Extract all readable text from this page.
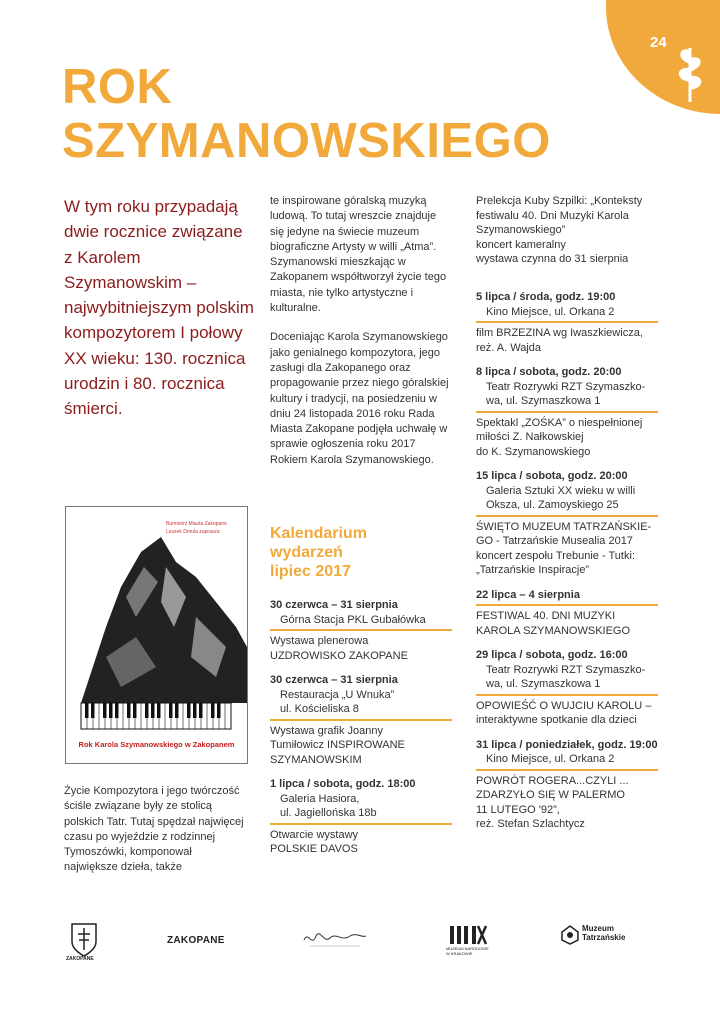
24
ROK
SZYMANOWSKIEGO
W tym roku przypadają dwie rocznice związane z Karolem Szymanowskim – najwybitniejszym polskim kompozytorem I połowy XX wieku: 130. rocznica urodzin i 80. rocznica śmierci.
Burmistrz Miasta Zakopane
Leszek Dorula zaprasza
Rok Karola Szymanowskiego w Zakopanem
Życie Kompozytora i jego twórczość ściśle związane były ze stolicą polskich Tatr. Tutaj spędzał najwięcej czasu po wyjeździe z rodzinnej Tymoszówki, komponował największe dzieła, także

te inspirowane góralską muzyką ludową. To tutaj wreszcie znajduje się jedyne na świecie muzeum biograficzne Artysty w willi „Atma”. Szymanowski mieszkając w Zakopanem współtworzył życie tego miasta, nie tylko artystyczne i kulturalne.

Doceniając Karola Szymanowskiego jako genialnego kompozytora, jego zasługi dla Zakopanego oraz propagowanie przez niego góralskiej kultury i tradycji, na posiedzeniu w dniu 24 listopada 2016 roku Rada Miasta Zakopane podjęła uchwałę w sprawie ogłoszenia roku 2017 Rokiem Karola Szymanowskiego.

Kalendarium
wydarzeń
lipiec 2017
30 czerwca – 31 sierpnia
Górna Stacja PKL Gubałówka
Wystawa plenerowa
UZDROWISKO ZAKOPANE
30 czerwca – 31 sierpnia
Restauracja „U Wnuka”
ul. Kościeliska 8
Wystawa grafik Joanny
Tumiłowicz INSPIROWANE
SZYMANOWSKIM
1 lipca / sobota, godz. 18:00
Galeria Hasiora,
ul. Jagiellońska 18b
Otwarcie wystawy
POLSKIE DAVOS
Prelekcja Kuby Szpilki: „Konteksty
festiwalu 40. Dni Muzyki Karola
Szymanowskiego”
koncert kameralny
wystawa czynna do 31 sierpnia
5 lipca / środa, godz. 19:00
Kino Miejsce, ul. Orkana 2
film BRZEZINA wg Iwaszkiewicza,
reż. A. Wajda
8 lipca / sobota, godz. 20:00
Teatr Rozrywki RZT Szymaszko-
wa, ul. Szymaszkowa 1
Spektakl „ZOŚKA” o niespełnionej
miłości Z. Nałkowskiej
do K. Szymanowskiego
15 lipca / sobota, godz. 20:00
Galeria Sztuki XX wieku w willi
Oksza, ul. Zamoyskiego 25
ŚWIĘTO MUZEUM TATRZAŃSKIE-
GO - Tatrzańskie Musealia 2017
koncert zespołu Trebunie - Tutki:
„Tatrzańskie Inspiracje”
22 lipca – 4 sierpnia
FESTIWAL 40. DNI MUZYKI
KAROLA SZYMANOWSKIEGO
29 lipca / sobota, godz. 16:00
Teatr Rozrywki RZT Szymaszko-
wa, ul. Szymaszkowa 1
OPOWIEŚĆ O WUJCIU KAROLU –
interaktywne spotkanie dla dzieci
31 lipca / poniedziałek, godz. 19:00
Kino Miejsce, ul. Orkana 2
POWRÓT ROGERA...CZYLI ...
ZDARZYŁO SIĘ W PALERMO
11 LUTEGO '92”,
reż. Stefan Szlachtycz
ZAKOPANE
ZAKOPANE
MUZEUM NARODOWE W KRAKOWIE
Muzeum Tatrzańskie
